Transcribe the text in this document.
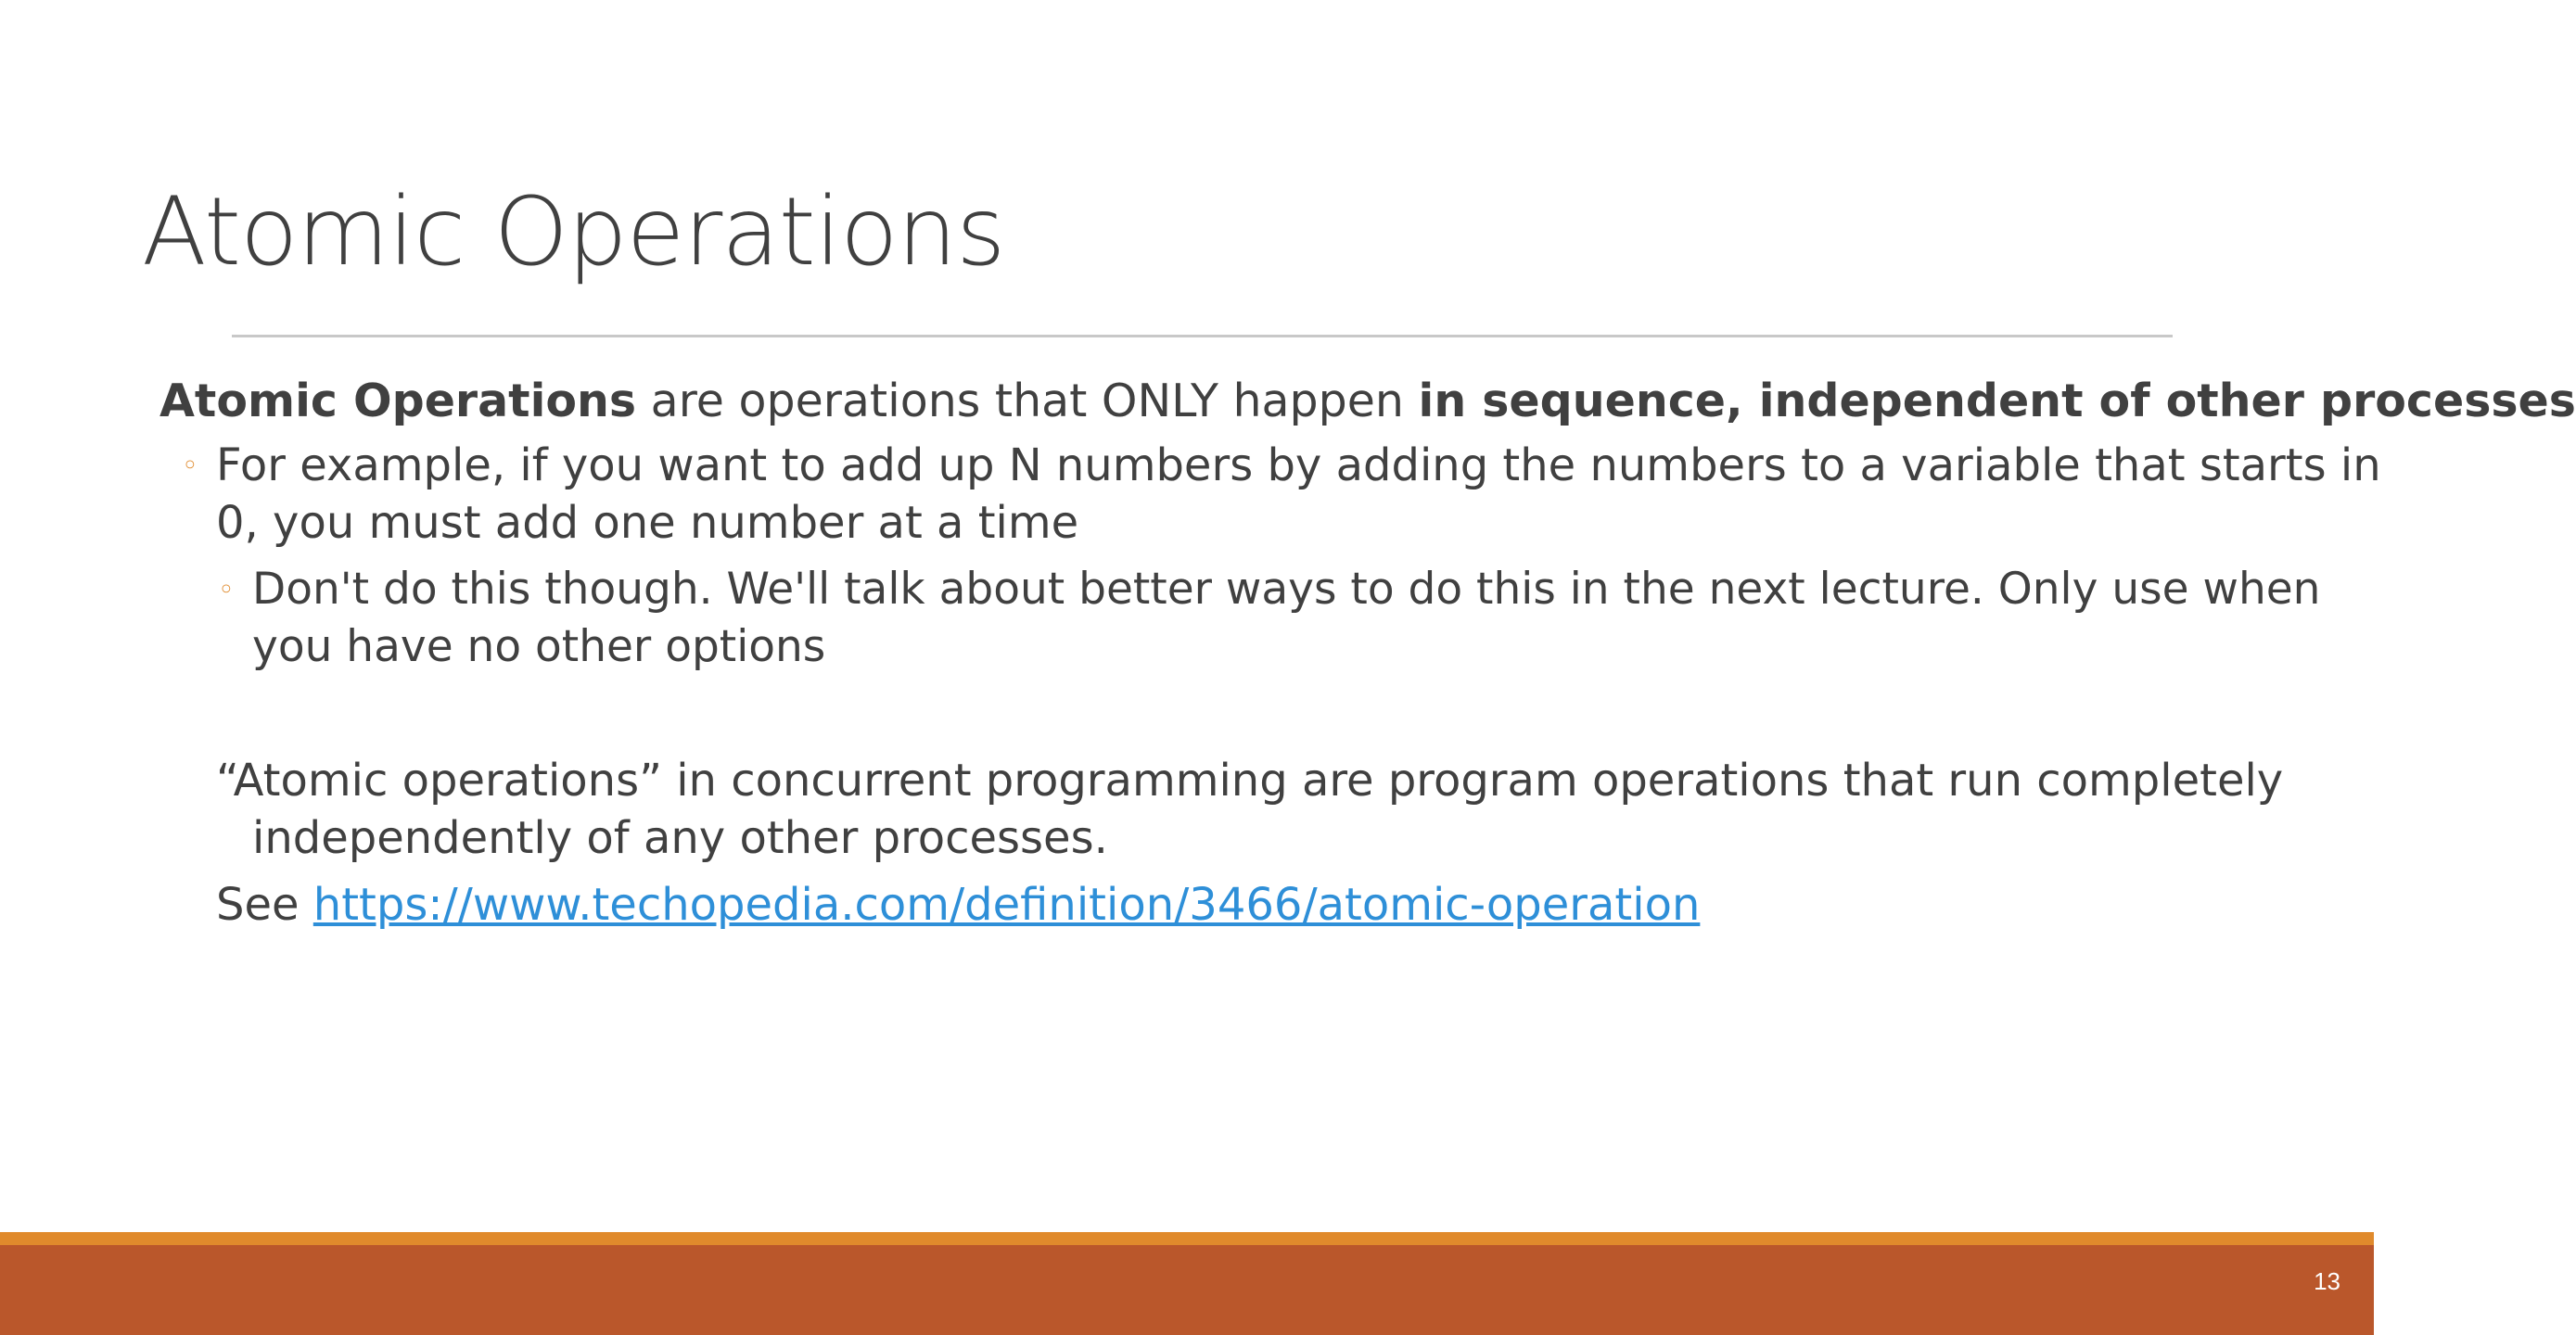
Atomic Operations
Atomic Operations are operations that ONLY happen in sequence, independent of other processes
◦ For example, if you want to add up N numbers by adding the numbers to a variable that starts in
0, you must add one number at a time
◦ Don't do this though. We'll talk about better ways to do this in the next lecture. Only use when
you have no other options
“Atomic operations” in concurrent programming are program operations that run completely
independently of any other processes.
See https://www.techopedia.com/definition/3466/atomic-operation
13
